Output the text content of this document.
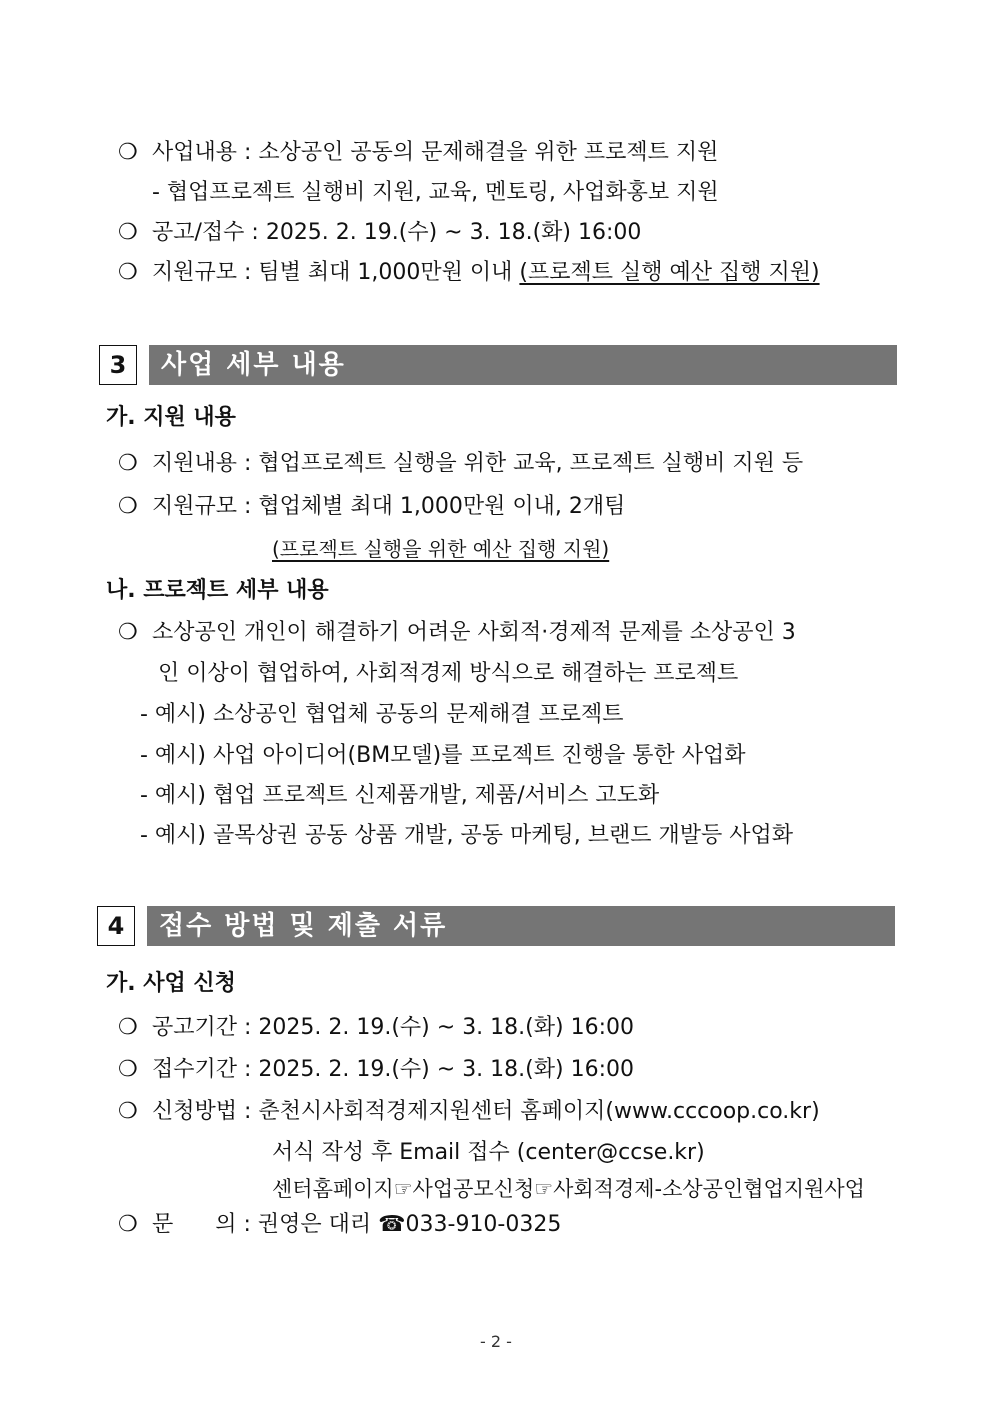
❍ 사업내용 : 소상공인 공동의 문제해결을 위한 프로젝트 지원
- 협업프로젝트 실행비 지원, 교육, 멘토링, 사업화홍보 지원
❍ 공고/접수 : 2025. 2. 19.(수) ~ 3. 18.(화) 16:00
❍ 지원규모 : 팀별 최대 1,000만원 이내 (프로젝트 실행 예산 집행 지원)
3	사업 세부 내용
가. 지원 내용
❍ 지원내용 : 협업프로젝트 실행을 위한 교육, 프로젝트 실행비 지원 등
❍ 지원규모 : 협업체별 최대 1,000만원 이내, 2개팀
(프로젝트 실행을 위한 예산 집행 지원)
나. 프로젝트 세부 내용
❍ 소상공인 개인이 해결하기 어려운 사회적·경제적 문제를 소상공인 3
인 이상이 협업하여, 사회적경제 방식으로 해결하는 프로젝트
- 예시) 소상공인 협업체 공동의 문제해결 프로젝트
- 예시) 사업 아이디어(BM모델)를 프로젝트 진행을 통한 사업화
- 예시) 협업 프로젝트 신제품개발, 제품/서비스 고도화
- 예시) 골목상권 공동 상품 개발, 공동 마케팅, 브랜드 개발등 사업화
4	접수 방법 및 제출 서류
가. 사업 신청
❍ 공고기간 : 2025. 2. 19.(수) ~ 3. 18.(화) 16:00
❍ 접수기간 : 2025. 2. 19.(수) ~ 3. 18.(화) 16:00
❍ 신청방법 : 춘천시사회적경제지원센터 홈페이지(www.cccoop.co.kr)
서식 작성 후 Email 접수 (center@ccse.kr)
센터홈페이지☞사업공모신청☞사회적경제-소상공인협업지원사업
❍ 문      의 : 권영은 대리 ☎033-910-0325
- 2 -
